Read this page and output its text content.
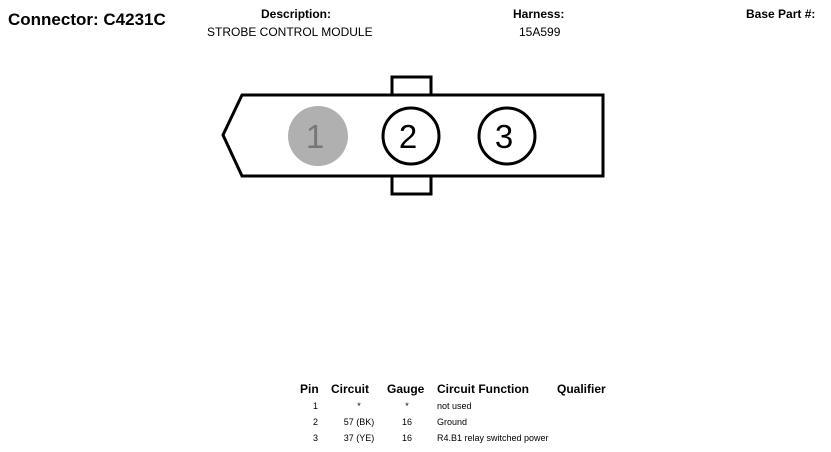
Connector: C4231C	Description:
STROBE CONTROL MODULE
Harness:
15A599
Base Part #:
1 2 3
Pin	Circuit	Gauge	Circuit Function	Qualifier
1	*	*	not used	
2	57 (BK)	16	Ground	
3	37 (YE)	16	R4.B1 relay switched power	
